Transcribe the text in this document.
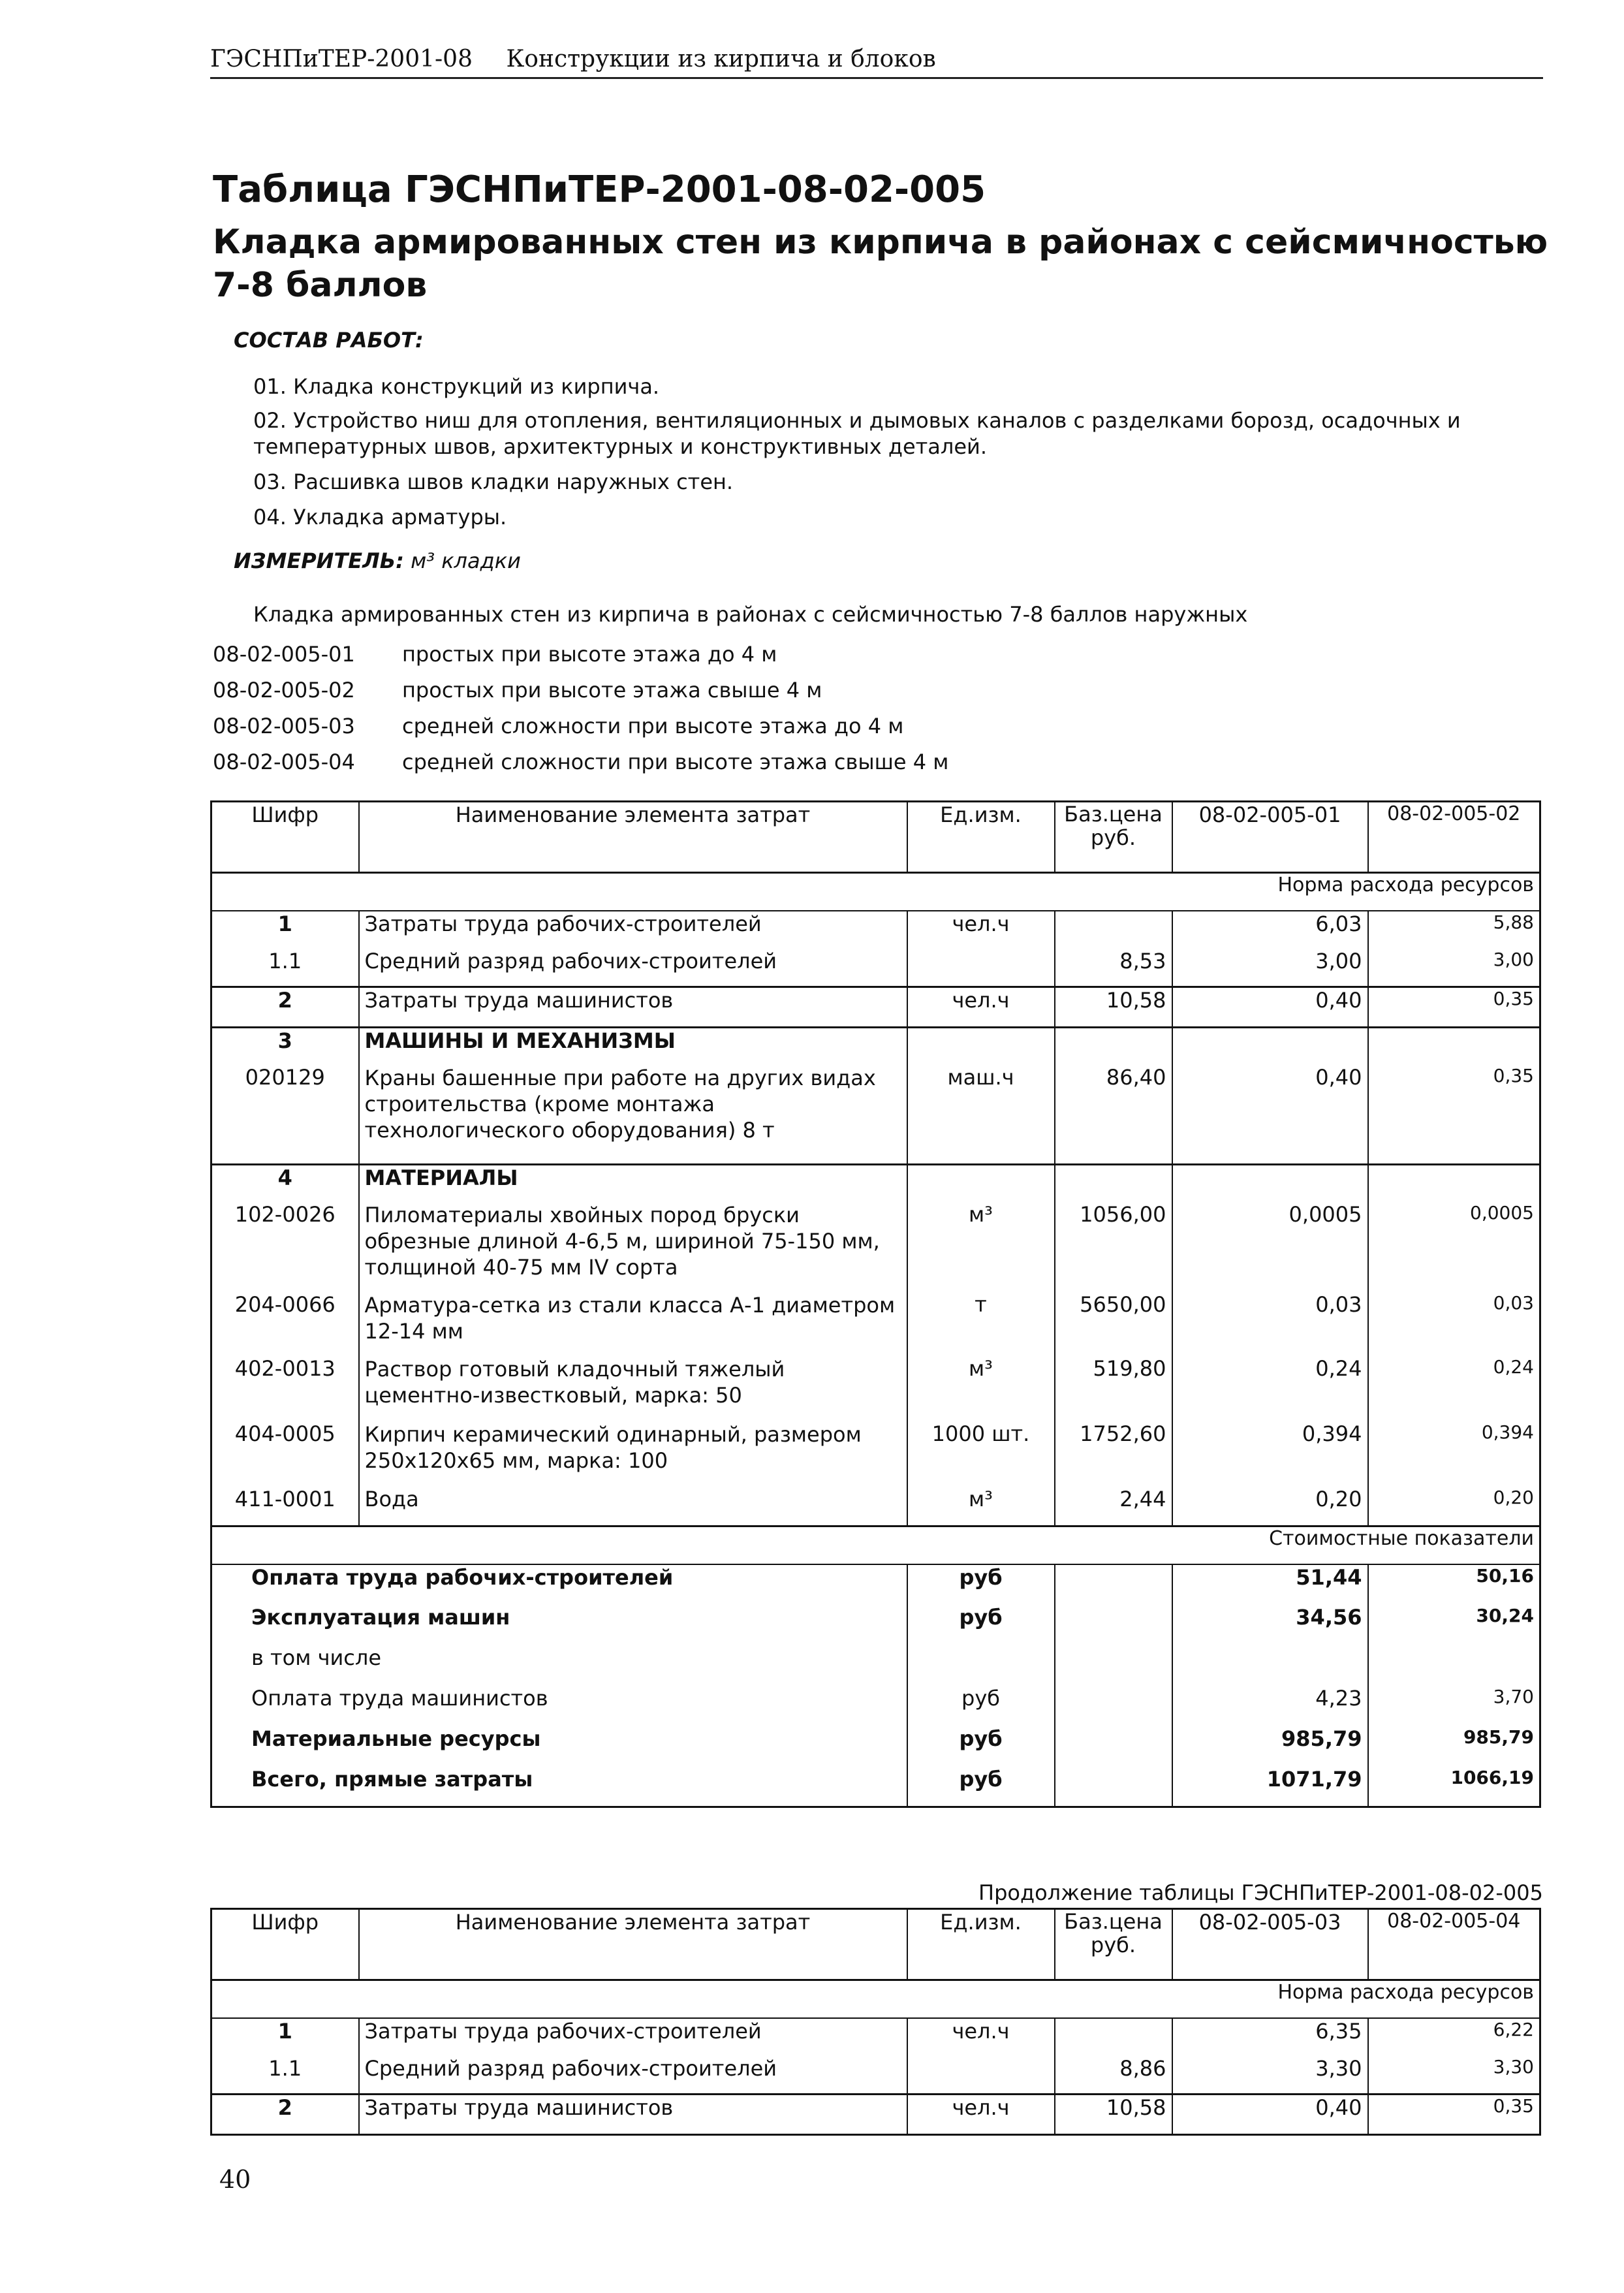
ГЭСНПиТЕР-2001-08 Конструкции из кирпича и блоков
Таблица ГЭСНПиТЕР-2001-08-02-005
Кладка армированных стен из кирпича в районах с сейсмичностью 7-8 баллов
СОСТАВ РАБОТ:
01. Кладка конструкций из кирпича.
02. Устройство ниш для отопления, вентиляционных и дымовых каналов с разделками борозд, осадочных и температурных швов, архитектурных и конструктивных деталей.
03. Расшивка швов кладки наружных стен.
04. Укладка арматуры.
ИЗМЕРИТЕЛЬ: м³ кладки
Кладка армированных стен из кирпича в районах с сейсмичностью 7-8 баллов наружных
08-02-005-01	простых при высоте этажа до 4 м
08-02-005-02	простых при высоте этажа свыше 4 м
08-02-005-03	средней сложности при высоте этажа до 4 м
08-02-005-04	средней сложности при высоте этажа свыше 4 м
Шифр	Наименование элемента затрат	Ед.изм.	Баз.цена руб.	08-02-005-01	08-02-005-02
Норма расхода ресурсов					
1	Затраты труда рабочих-строителей	чел.ч		6,03	5,88
1.1	Средний разряд рабочих-строителей		8,53	3,00	3,00
2	Затраты труда машинистов	чел.ч	10,58	0,40	0,35
3	МАШИНЫ И МЕХАНИЗМЫ				
020129	Краны башенные при работе на других видах строительства (кроме монтажа технологического оборудования) 8 т	маш.ч	86,40	0,40	0,35
4	МАТЕРИАЛЫ				
102-0026	Пиломатериалы хвойных пород бруски обрезные длиной 4-6,5 м, шириной 75-150 мм, толщиной 40-75 мм IV сорта	м³	1056,00	0,0005	0,0005
204-0066	Арматура-сетка из стали класса А-1 диаметром 12-14 мм	т	5650,00	0,03	0,03
402-0013	Раствор готовый кладочный тяжелый цементно-известковый, марка: 50	м³	519,80	0,24	0,24
404-0005	Кирпич керамический одинарный, размером 250х120х65 мм, марка: 100	1000 шт.	1752,60	0,394	0,394
411-0001	Вода	м³	2,44	0,20	0,20
Стоимостные показатели					
Оплата труда рабочих-строителей		руб		51,44	50,16
Эксплуатация машин		руб		34,56	30,24
в том числе					
Оплата труда машинистов		руб		4,23	3,70
Материальные ресурсы		руб		985,79	985,79
Всего, прямые затраты		руб		1071,79	1066,19
Продолжение таблицы ГЭСНПиТЕР-2001-08-02-005
Шифр	Наименование элемента затрат	Ед.изм.	Баз.цена руб.	08-02-005-03	08-02-005-04
Норма расхода ресурсов					
1	Затраты труда рабочих-строителей	чел.ч		6,35	6,22
1.1	Средний разряд рабочих-строителей		8,86	3,30	3,30
2	Затраты труда машинистов	чел.ч	10,58	0,40	0,35
40
